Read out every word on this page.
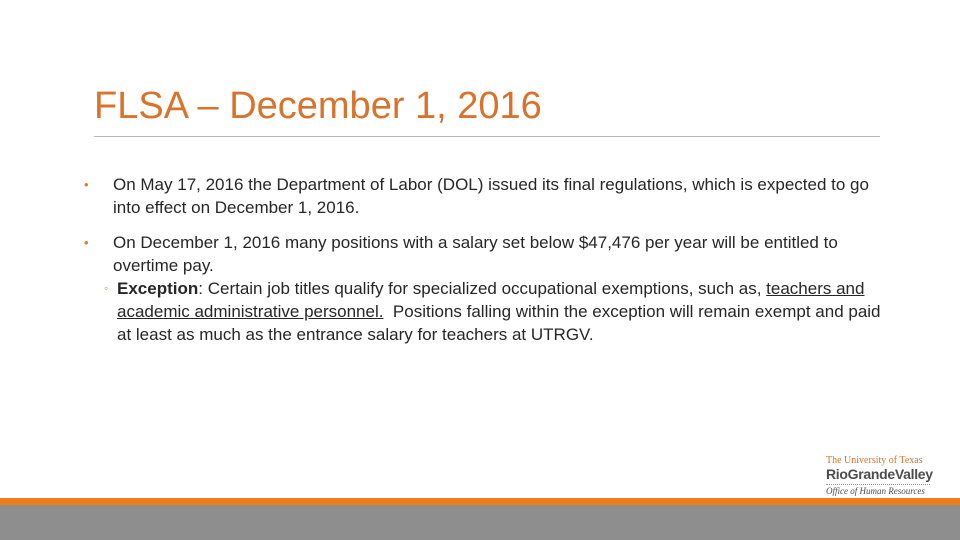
FLSA – December 1, 2016

• On May 17, 2016 the Department of Labor (DOL) issued its final regulations, which is expected to go into effect on December 1, 2016.

• On December 1, 2016 many positions with a salary set below $47,476 per year will be entitled to overtime pay.

◦ Exception: Certain job titles qualify for specialized occupational exemptions, such as, teachers and academic administrative personnel.  Positions falling within the exception will remain exempt and paid at least as much as the entrance salary for teachers at UTRGV.

The University of Texas
RioGrandeValley
Office of Human Resources
